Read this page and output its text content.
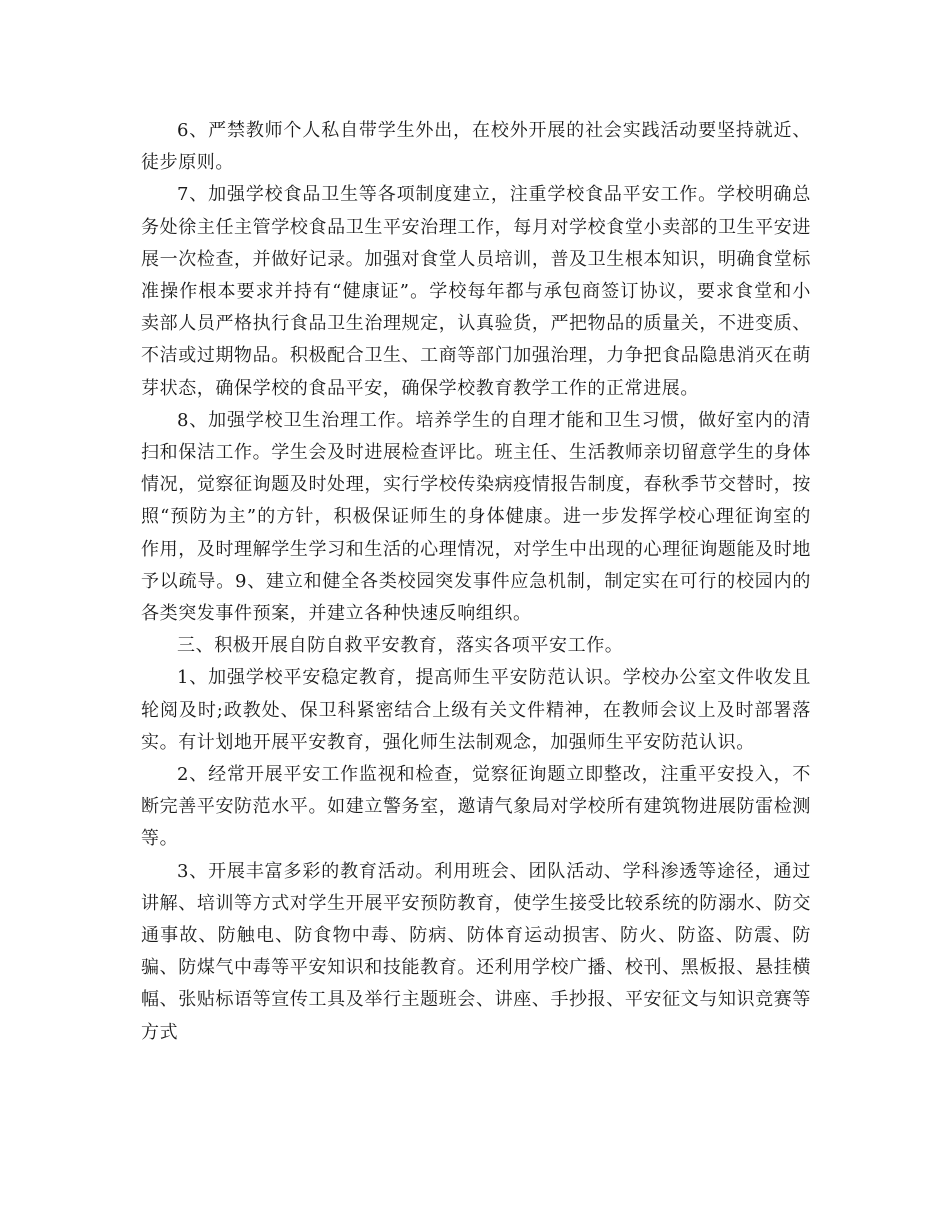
6、严禁教师个人私自带学生外出，在校外开展的社会实践活动要坚持就近、徒步原则。

7、加强学校食品卫生等各项制度建立，注重学校食品平安工作。学校明确总务处徐主任主管学校食品卫生平安治理工作，每月对学校食堂小卖部的卫生平安进展一次检查，并做好记录。加强对食堂人员培训，普及卫生根本知识，明确食堂标准操作根本要求并持有“健康证”。学校每年都与承包商签订协议，要求食堂和小卖部人员严格执行食品卫生治理规定，认真验货，严把物品的质量关，不进变质、不洁或过期物品。积极配合卫生、工商等部门加强治理，力争把食品隐患消灭在萌芽状态，确保学校的食品平安，确保学校教育教学工作的正常进展。

8、加强学校卫生治理工作。培养学生的自理才能和卫生习惯，做好室内的清扫和保洁工作。学生会及时进展检查评比。班主任、生活教师亲切留意学生的身体情况，觉察征询题及时处理，实行学校传染病疫情报告制度，春秋季节交替时，按照“预防为主”的方针，积极保证师生的身体健康。进一步发挥学校心理征询室的作用，及时理解学生学习和生活的心理情况，对学生中出现的心理征询题能及时地予以疏导。9、建立和健全各类校园突发事件应急机制，制定实在可行的校园内的各类突发事件预案，并建立各种快速反响组织。

三、积极开展自防自救平安教育，落实各项平安工作。

1、加强学校平安稳定教育，提高师生平安防范认识。学校办公室文件收发且轮阅及时;政教处、保卫科紧密结合上级有关文件精神，在教师会议上及时部署落实。有计划地开展平安教育，强化师生法制观念，加强师生平安防范认识。

2、经常开展平安工作监视和检查，觉察征询题立即整改，注重平安投入，不断完善平安防范水平。如建立警务室，邀请气象局对学校所有建筑物进展防雷检测等。

3、开展丰富多彩的教育活动。利用班会、团队活动、学科渗透等途径，通过讲解、培训等方式对学生开展平安预防教育，使学生接受比较系统的防溺水、防交通事故、防触电、防食物中毒、防病、防体育运动损害、防火、防盗、防震、防骗、防煤气中毒等平安知识和技能教育。还利用学校广播、校刊、黑板报、悬挂横幅、张贴标语等宣传工具及举行主题班会、讲座、手抄报、平安征文与知识竞赛等方式
